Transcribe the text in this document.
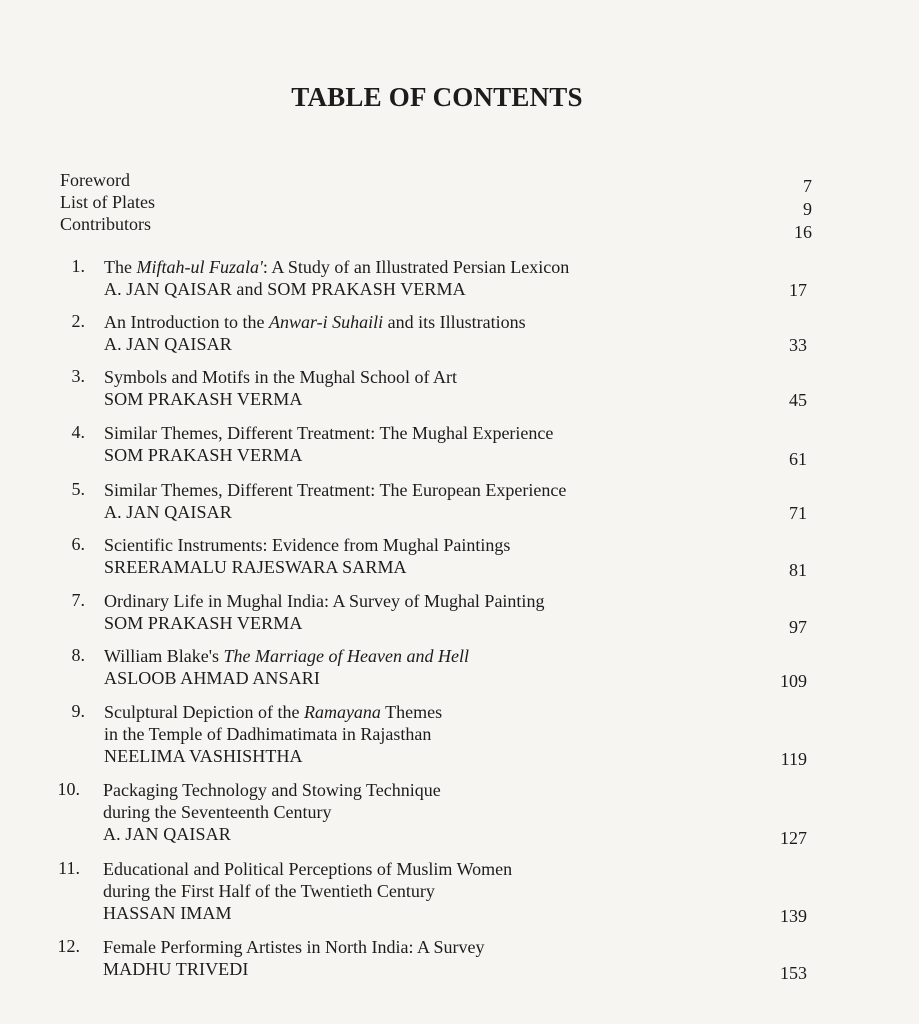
TABLE OF CONTENTS
Foreword	7
List of Plates	9
Contributors	16
1. The Miftah-ul Fuzala': A Study of an Illustrated Persian Lexicon
A. JAN QAISAR and SOM PRAKASH VERMA	17
2. An Introduction to the Anwar-i Suhaili and its Illustrations
A. JAN QAISAR	33
3. Symbols and Motifs in the Mughal School of Art
SOM PRAKASH VERMA	45
4. Similar Themes, Different Treatment: The Mughal Experience
SOM PRAKASH VERMA	61
5. Similar Themes, Different Treatment: The European Experience
A. JAN QAISAR	71
6. Scientific Instruments: Evidence from Mughal Paintings
SREERAMALU RAJESWARA SARMA	81
7. Ordinary Life in Mughal India: A Survey of Mughal Painting
SOM PRAKASH VERMA	97
8. William Blake's The Marriage of Heaven and Hell
ASLOOB AHMAD ANSARI	109
9. Sculptural Depiction of the Ramayana Themes
in the Temple of Dadhimatimata in Rajasthan
NEELIMA VASHISHTHA	119
10. Packaging Technology and Stowing Technique
during the Seventeenth Century
A. JAN QAISAR	127
11. Educational and Political Perceptions of Muslim Women
during the First Half of the Twentieth Century
HASSAN IMAM	139
12. Female Performing Artistes in North India: A Survey
MADHU TRIVEDI	153
